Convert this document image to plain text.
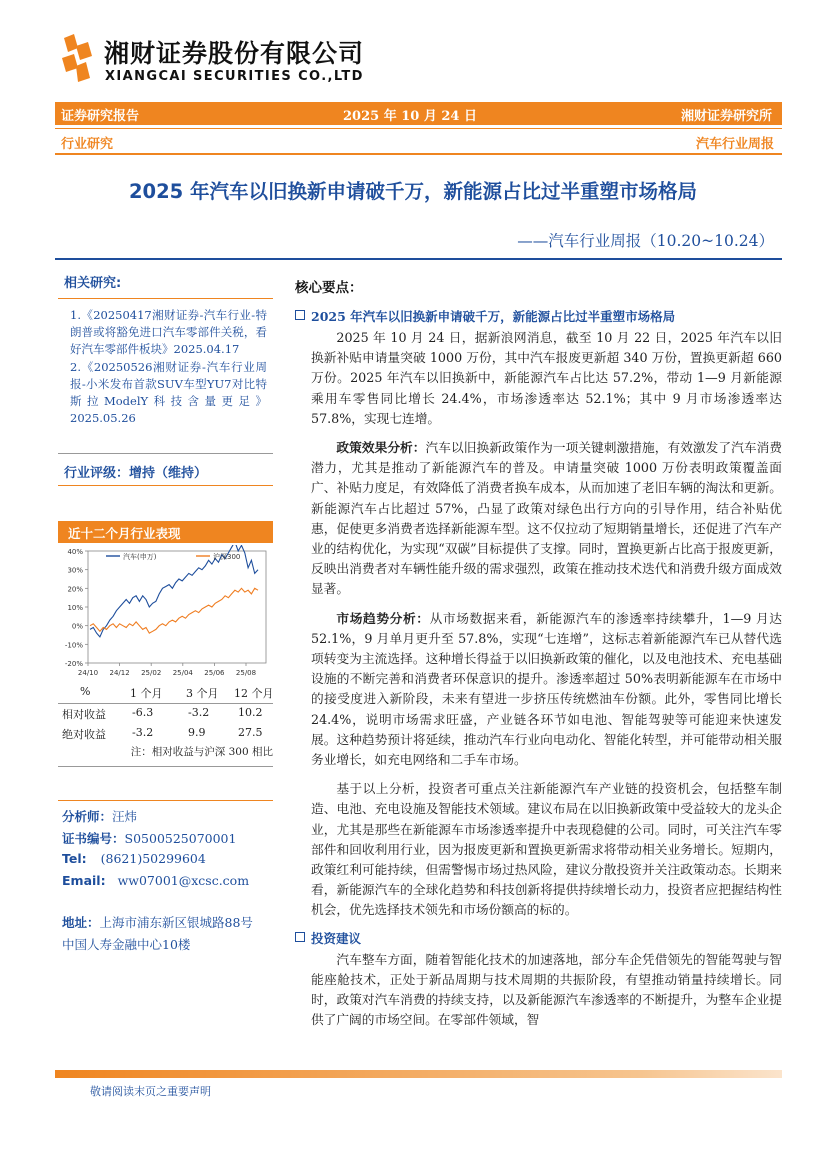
湘财证券股份有限公司
XIANGCAI SECURITIES CO.,LTD
证券研究报告	2025 年 10 月 24 日	湘财证券研究所
行业研究	汽车行业周报
2025 年汽车以旧换新申请破千万，新能源占比过半重塑市场格局
——汽车行业周报（10.20~10.24）
相关研究:
1.《20250417湘财证券-汽车行业-特朗普或将豁免进口汽车零部件关税，看好汽车零部件板块》2025.04.17
2.《20250526湘财证券-汽车行业周报-小米发布首款SUV车型YU7对比特斯拉ModelY科技含量更足》2025.05.26
行业评级：增持（维持）
近十二个月行业表现
40%
30%
20%
10%
0%
-10%
-20%
24/10 24/12 25/02 25/04 25/06 25/08
汽车(申万)	沪深300
%	1 个月 3 个月 12 个月
相对收益 -6.3	-3.2	10.2
绝对收益 -3.2	9.9	27.5
注：相对收益与沪深 300 相比
分析师：汪炜
证书编号：S0500525070001
Tel: (8621)50299604
Email: ww07001@xcsc.com
地址：上海市浦东新区银城路88号
中国人寿金融中心10楼
核心要点：
2025 年汽车以旧换新申请破千万，新能源占比过半重塑市场格局

2025 年 10 月 24 日，据新浪网消息，截至 10 月 22 日，2025 年汽车以旧换新补贴申请量突破 1000 万份，其中汽车报废更新超 340 万份，置换更新超 660 万份。2025 年汽车以旧换新中，新能源汽车占比达 57.2%，带动 1—9 月新能源乘用车零售同比增长 24.4%，市场渗透率达 52.1%；其中 9 月市场渗透率达 57.8%，实现七连增。

政策效果分析：汽车以旧换新政策作为一项关键刺激措施，有效激发了汽车消费潜力，尤其是推动了新能源汽车的普及。申请量突破 1000 万份表明政策覆盖面广、补贴力度足，有效降低了消费者换车成本，从而加速了老旧车辆的淘汰和更新。新能源汽车占比超过 57%，凸显了政策对绿色出行方向的引导作用，结合补贴优惠，促使更多消费者选择新能源车型。这不仅拉动了短期销量增长，还促进了汽车产业的结构优化，为实现“双碳”目标提供了支撑。同时，置换更新占比高于报废更新，反映出消费者对车辆性能升级的需求强烈，政策在推动技术迭代和消费升级方面成效显著。

市场趋势分析：从市场数据来看，新能源汽车的渗透率持续攀升，1—9 月达 52.1%，9 月单月更升至 57.8%，实现“七连增”，这标志着新能源汽车已从替代选项转变为主流选择。这种增长得益于以旧换新政策的催化，以及电池技术、充电基础设施的不断完善和消费者环保意识的提升。渗透率超过 50%表明新能源车在市场中的接受度进入新阶段，未来有望进一步挤压传统燃油车份额。此外，零售同比增长 24.4%，说明市场需求旺盛，产业链各环节如电池、智能驾驶等可能迎来快速发展。这种趋势预计将延续，推动汽车行业向电动化、智能化转型，并可能带动相关服务业增长，如充电网络和二手车市场。

基于以上分析，投资者可重点关注新能源汽车产业链的投资机会，包括整车制造、电池、充电设施及智能技术领域。建议布局在以旧换新政策中受益较大的龙头企业，尤其是那些在新能源车市场渗透率提升中表现稳健的公司。同时，可关注汽车零部件和回收利用行业，因为报废更新和置换更新需求将带动相关业务增长。短期内，政策红利可能持续，但需警惕市场过热风险，建议分散投资并关注政策动态。长期来看，新能源汽车的全球化趋势和科技创新将提供持续增长动力，投资者应把握结构性机会，优先选择技术领先和市场份额高的标的。

投资建议

汽车整车方面，随着智能化技术的加速落地，部分车企凭借领先的智能驾驶与智能座舱技术，正处于新品周期与技术周期的共振阶段，有望推动销量持续增长。同时，政策对汽车消费的持续支持，以及新能源汽车渗透率的不断提升，为整车企业提供了广阔的市场空间。在零部件领域，智

敬请阅读末页之重要声明
